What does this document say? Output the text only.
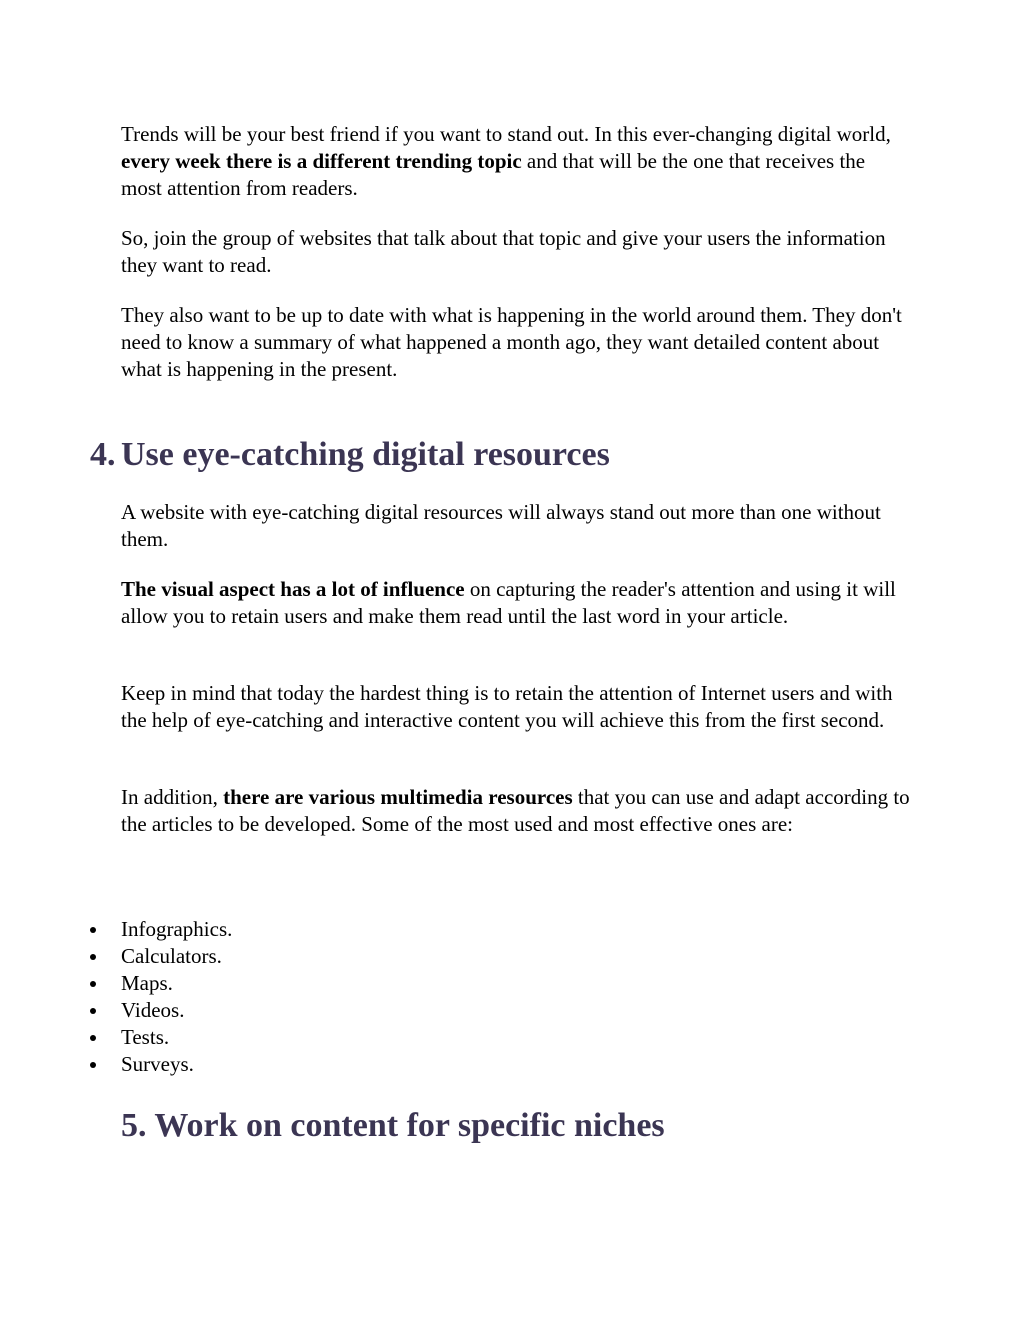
Trends will be your best friend if you want to stand out. In this ever-changing digital world, every week there is a different trending topic and that will be the one that receives the most attention from readers.

So, join the group of websites that talk about that topic and give your users the information they want to read.

They also want to be up to date with what is happening in the world around them. They don't need to know a summary of what happened a month ago, they want detailed content about what is happening in the present.

4. Use eye-catching digital resources

A website with eye-catching digital resources will always stand out more than one without them.

The visual aspect has a lot of influence on capturing the reader's attention and using it will allow you to retain users and make them read until the last word in your article.

Keep in mind that today the hardest thing is to retain the attention of Internet users and with the help of eye-catching and interactive content you will achieve this from the first second.

In addition, there are various multimedia resources that you can use and adapt according to the articles to be developed. Some of the most used and most effective ones are:

Infographics.
Calculators.
Maps.
Videos.
Tests.
Surveys.
5. Work on content for specific niches
